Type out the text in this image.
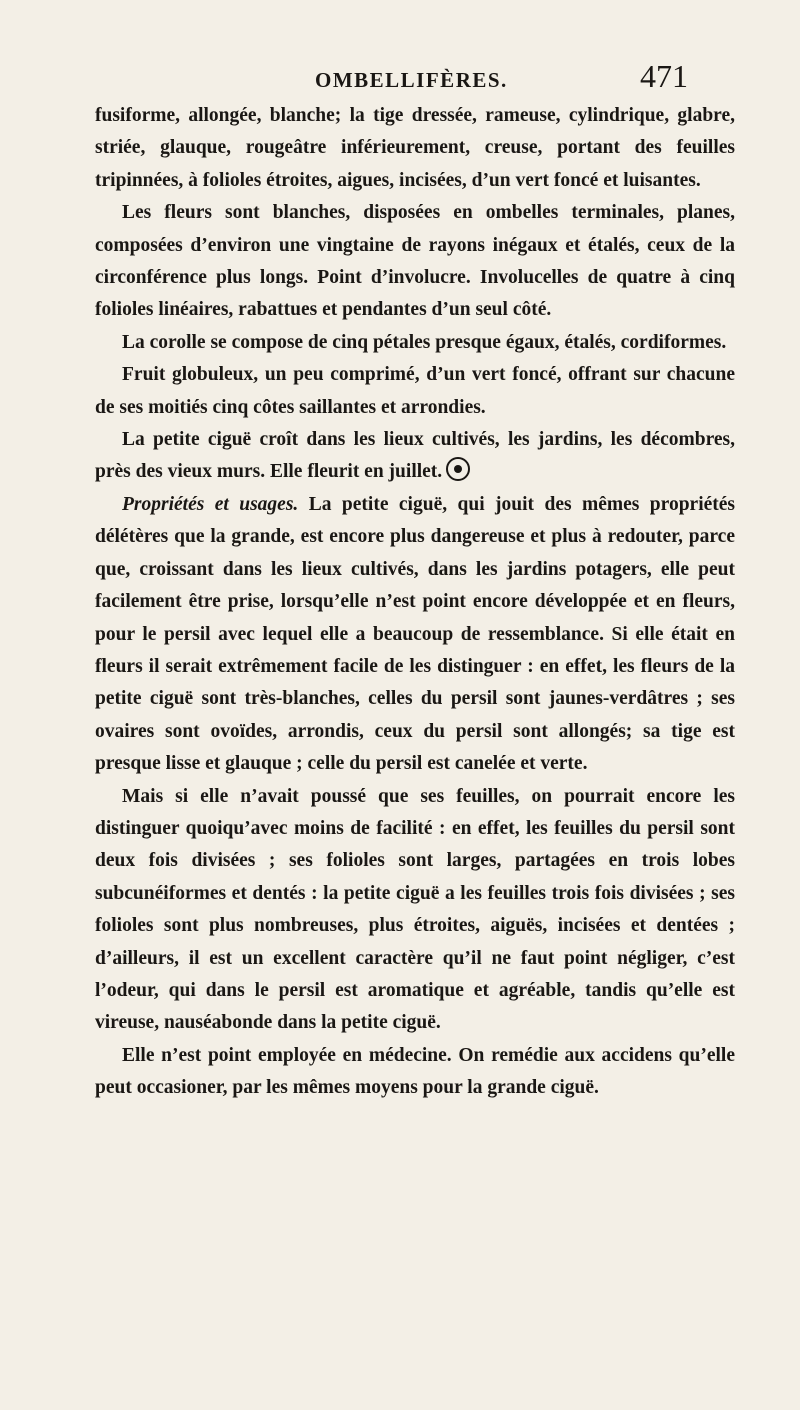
OMBELLIFÈRES.	471

fusiforme, allongée, blanche; la tige dressée, rameuse, cylindrique, glabre, striée, glauque, rougeâtre inférieurement, creuse, portant des feuilles tripinnées, à folioles étroites, aigues, incisées, d’un vert foncé et luisantes.

Les fleurs sont blanches, disposées en ombelles terminales, planes, composées d’environ une vingtaine de rayons inégaux et étalés, ceux de la circonférence plus longs. Point d’involucre. Involucelles de quatre à cinq folioles linéaires, rabattues et pendantes d’un seul côté.

La corolle se compose de cinq pétales presque égaux, étalés, cordiformes.

Fruit globuleux, un peu comprimé, d’un vert foncé, offrant sur chacune de ses moitiés cinq côtes saillantes et arrondies.

La petite ciguë croît dans les lieux cultivés, les jardins, les décombres, près des vieux murs. Elle fleurit en juillet.

Propriétés et usages. La petite ciguë, qui jouit des mêmes propriétés délétères que la grande, est encore plus dangereuse et plus à redouter, parce que, croissant dans les lieux cultivés, dans les jardins potagers, elle peut facilement être prise, lorsqu’elle n’est point encore développée et en fleurs, pour le persil avec lequel elle a beaucoup de ressemblance. Si elle était en fleurs il serait extrêmement facile de les distinguer : en effet, les fleurs de la petite ciguë sont très-blanches, celles du persil sont jaunes-verdâtres ; ses ovaires sont ovoïdes, arrondis, ceux du persil sont allongés; sa tige est presque lisse et glauque ; celle du persil est canelée et verte.

Mais si elle n’avait poussé que ses feuilles, on pourrait encore les distinguer quoiqu’avec moins de facilité : en effet, les feuilles du persil sont deux fois divisées ; ses folioles sont larges, partagées en trois lobes subcunéiformes et dentés : la petite ciguë a les feuilles trois fois divisées ; ses folioles sont plus nombreuses, plus étroites, aiguës, incisées et dentées ; d’ailleurs, il est un excellent caractère qu’il ne faut point négliger, c’est l’odeur, qui dans le persil est aromatique et agréable, tandis qu’elle est vireuse, nauséabonde dans la petite ciguë.

Elle n’est point employée en médecine. On remédie aux accidens qu’elle peut occasioner, par les mêmes moyens pour la grande ciguë.
